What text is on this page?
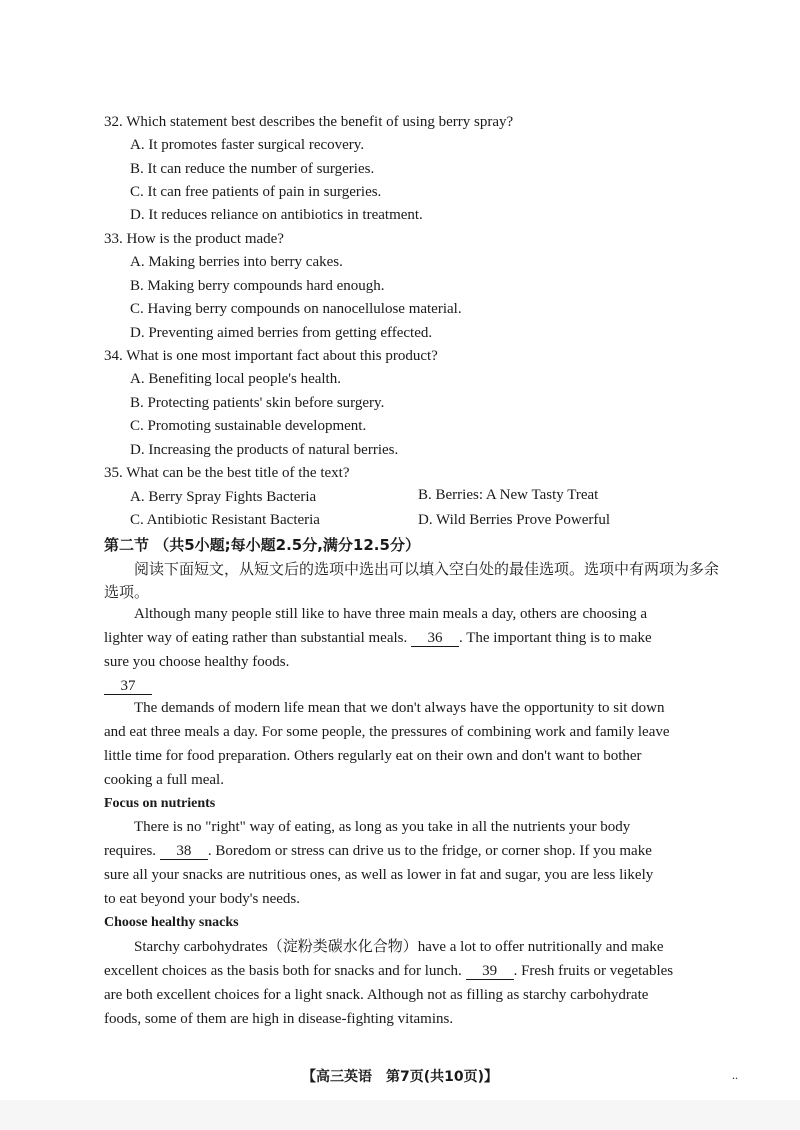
32. Which statement best describes the benefit of using berry spray?
A. It promotes faster surgical recovery.
B. It can reduce the number of surgeries.
C. It can free patients of pain in surgeries.
D. It reduces reliance on antibiotics in treatment.
33. How is the product made?
A. Making berries into berry cakes.
B. Making berry compounds hard enough.
C. Having berry compounds on nanocellulose material.
D. Preventing aimed berries from getting effected.
34. What is one most important fact about this product?
A. Benefiting local people's health.
B. Protecting patients' skin before surgery.
C. Promoting sustainable development.
D. Increasing the products of natural berries.
35. What can be the best title of the text?
A. Berry Spray Fights Bacteria	B. Berries: A New Tasty Treat
C. Antibiotic Resistant Bacteria	D. Wild Berries Prove Powerful
第二节 （共5小题;每小题2.5分,满分12.5分）
阅读下面短文，从短文后的选项中选出可以填入空白处的最佳选项。选项中有两项为多余
选项。
Although many people still like to have three main meals a day, others are choosing a
lighter way of eating rather than substantial meals. 36 . The important thing is to make
sure you choose healthy foods.
37
The demands of modern life mean that we don't always have the opportunity to sit down
and eat three meals a day. For some people, the pressures of combining work and family leave
little time for food preparation. Others regularly eat on their own and don't want to bother
cooking a full meal.
Focus on nutrients
There is no "right" way of eating, as long as you take in all the nutrients your body
requires. 38 . Boredom or stress can drive us to the fridge, or corner shop. If you make
sure all your snacks are nutritious ones, as well as lower in fat and sugar, you are less likely
to eat beyond your body's needs.
Choose healthy snacks
Starchy carbohydrates（淀粉类碳水化合物）have a lot to offer nutritionally and make
excellent choices as the basis both for snacks and for lunch. 39 . Fresh fruits or vegetables
are both excellent choices for a light snack. Although not as filling as starchy carbohydrate
foods, some of them are high in disease-fighting vitamins.
【高三英语　第7页(共10页)】	..
